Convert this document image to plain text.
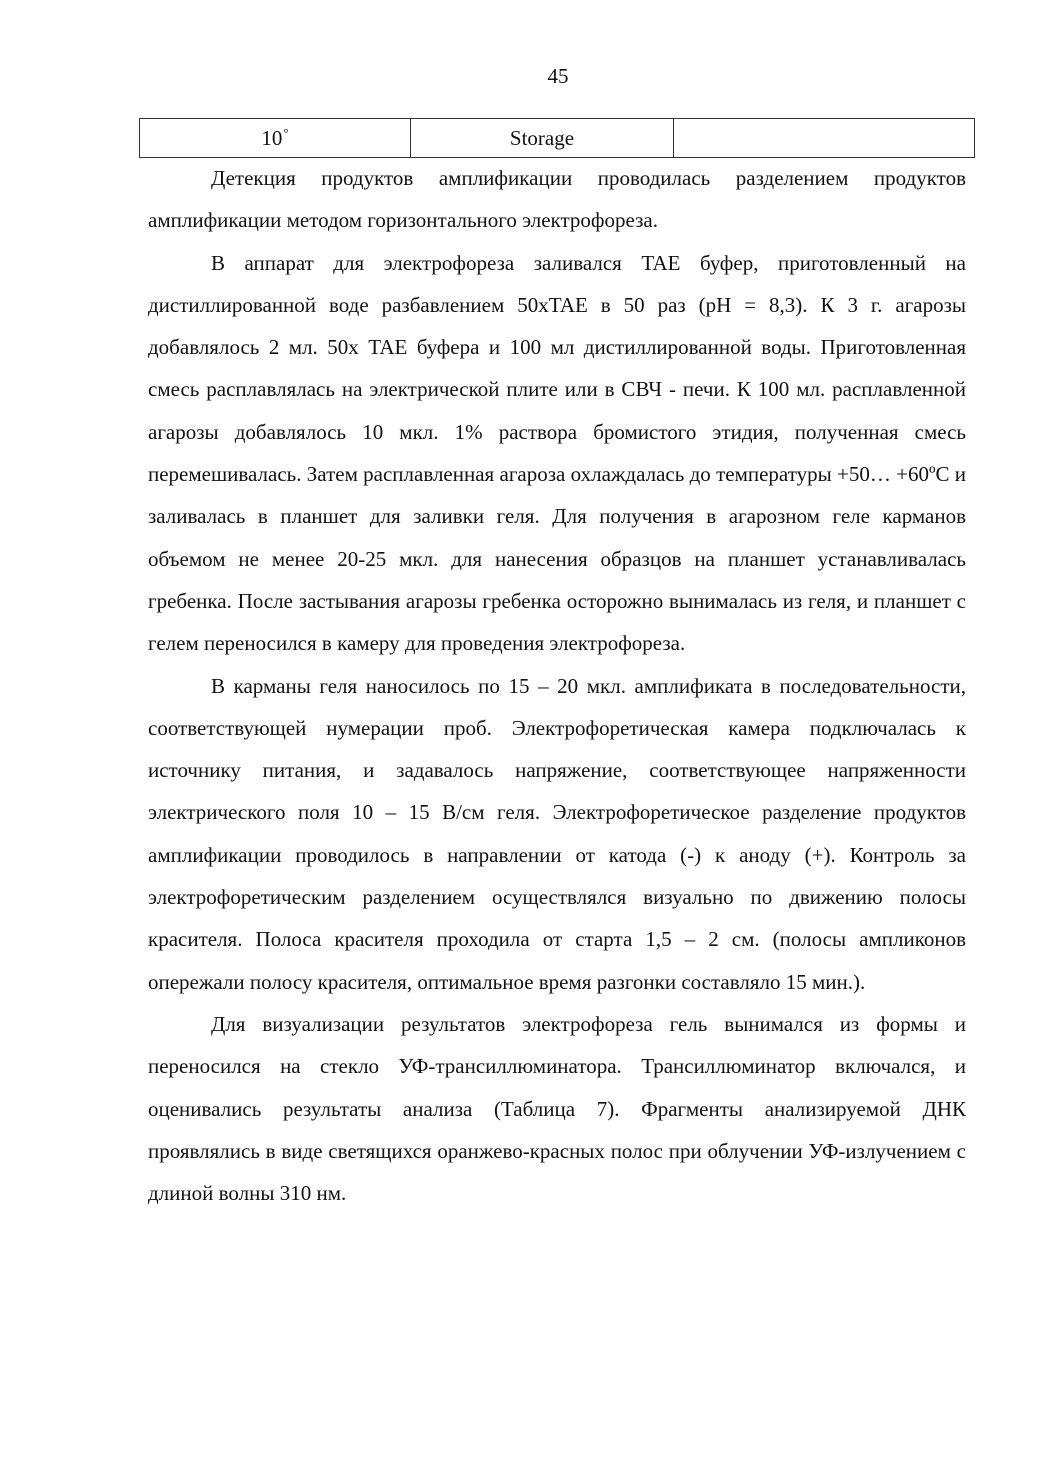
45
10°	Storage	

Детекция продуктов амплификации проводилась разделением продуктов амплификации методом горизонтального электрофореза.

В аппарат для электрофореза заливался TAE буфер, приготовленный на дистиллированной воде разбавлением 50хTAE в 50 раз (pH = 8,3). К 3 г. агарозы добавлялось 2 мл. 50х TAE буфера и 100 мл дистиллированной воды. Приготовленная смесь расплавлялась на электрической плите или в СВЧ - печи. К 100 мл. расплавленной агарозы добавлялось 10 мкл. 1% раствора бромистого этидия, полученная смесь перемешивалась. Затем расплавленная агароза охлаждалась до температуры +50… +60ºС и заливалась в планшет для заливки геля. Для получения в агарозном геле карманов объемом не менее 20-25 мкл. для нанесения образцов на планшет устанавливалась гребенка. После застывания агарозы гребенка осторожно вынималась из геля, и планшет с гелем переносился в камеру для проведения электрофореза.

В карманы геля наносилось по 15 – 20 мкл. амплификата в последовательности, соответствующей нумерации проб. Электрофоретическая камера подключалась к источнику питания, и задавалось напряжение, соответствующее напряженности электрического поля 10 – 15 В/см геля. Электрофоретическое разделение продуктов амплификации проводилось в направлении от катода (-) к аноду (+). Контроль за электрофоретическим разделением осуществлялся визуально по движению полосы красителя. Полоса красителя проходила от старта 1,5 – 2 см. (полосы ампликонов опережали полосу красителя, оптимальное время разгонки составляло 15 мин.).

Для визуализации результатов электрофореза гель вынимался из формы и переносился на стекло УФ-трансиллюминатора. Трансиллюминатор включался, и оценивались результаты анализа (Таблица 7). Фрагменты анализируемой ДНК проявлялись в виде светящихся оранжево-красных полос при облучении УФ-излучением с длиной волны 310 нм.
